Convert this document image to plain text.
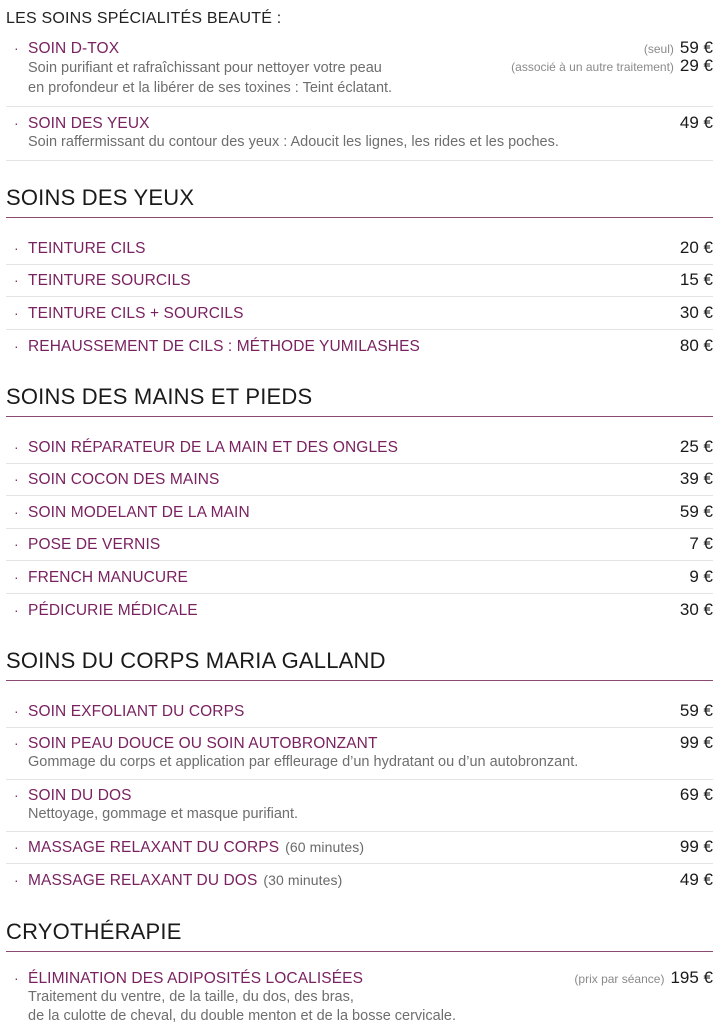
LES SOINS SPÉCIALITÉS BEAUTÉ :
· SOIN D-TOX	(seul) 59 €
Soin purifiant et rafraîchissant pour nettoyer votre peau
en profondeur et la libérer de ses toxines : Teint éclatant.
(associé à un autre traitement) 29 €
· SOIN DES YEUX	49 €
Soin raffermissant du contour des yeux : Adoucit les lignes, les rides et les poches.
SOINS DES YEUX
· TEINTURE CILS	20 €
· TEINTURE SOURCILS	15 €
· TEINTURE CILS + SOURCILS	30 €
· REHAUSSEMENT DE CILS : MÉTHODE YUMILASHES	80 €
SOINS DES MAINS ET PIEDS
· SOIN RÉPARATEUR DE LA MAIN ET DES ONGLES	25 €
· SOIN COCON DES MAINS	39 €
· SOIN MODELANT DE LA MAIN	59 €
· POSE DE VERNIS	7 €
· FRENCH MANUCURE	9 €
· PÉDICURIE MÉDICALE	30 €
SOINS DU CORPS MARIA GALLAND
· SOIN EXFOLIANT DU CORPS	59 €
· SOIN PEAU DOUCE OU SOIN AUTOBRONZANT	99 €
Gommage du corps et application par effleurage d’un hydratant ou d’un autobronzant.
· SOIN DU DOS	69 €
Nettoyage, gommage et masque purifiant.
· MASSAGE RELAXANT DU CORPS (60 minutes)	99 €
· MASSAGE RELAXANT DU DOS (30 minutes)	49 €
CRYOTHÉRAPIE
· ÉLIMINATION DES ADIPOSITÉS LOCALISÉES	(prix par séance) 195 €
Traitement du ventre, de la taille, du dos, des bras,
de la culotte de cheval, du double menton et de la bosse cervicale.
